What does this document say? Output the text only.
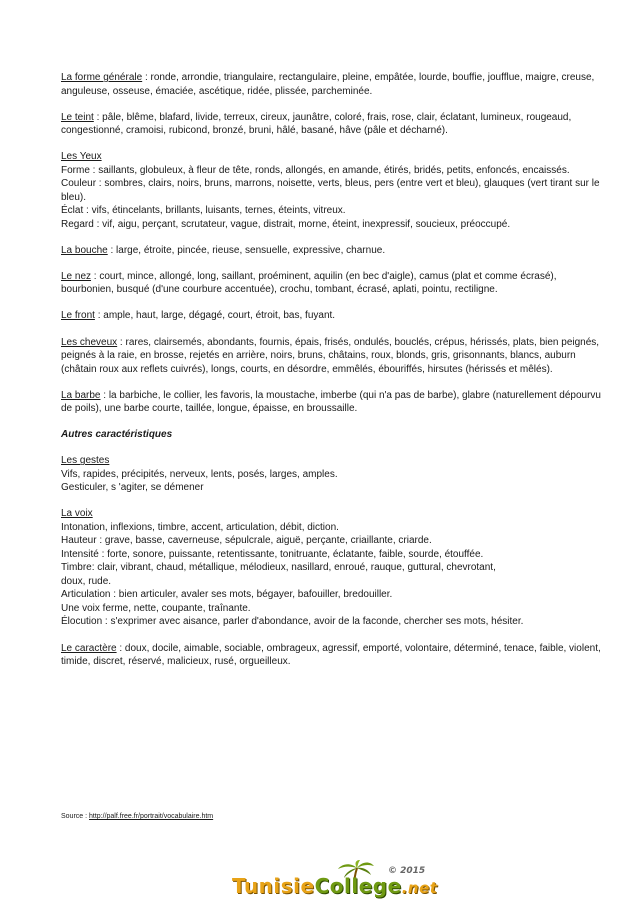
La forme générale : ronde, arrondie, triangulaire, rectangulaire, pleine, empâtée, lourde, bouffie, joufflue, maigre, creuse, anguleuse, osseuse, émaciée, ascétique, ridée, plissée, parcheminée.
Le teint : pâle, blême, blafard, livide, terreux, cireux, jaunâtre, coloré, frais, rose, clair, éclatant, lumineux, rougeaud, congestionné, cramoisi, rubicond, bronzé, bruni, hâlé, basané, hâve (pâle et décharné).

Les Yeux

Forme : saillants, globuleux, à fleur de tête, ronds, allongés, en amande, étirés, bridés, petits, enfoncés, encaissés.

Couleur : sombres, clairs, noirs, bruns, marrons, noisette, verts, bleus, pers (entre vert et bleu), glauques (vert tirant sur le bleu).

Éclat : vifs, étincelants, brillants, luisants, ternes, éteints, vitreux.

Regard : vif, aigu, perçant, scrutateur, vague, distrait, morne, éteint, inexpressif, soucieux, préoccupé.

La bouche : large, étroite, pincée, rieuse, sensuelle, expressive, charnue.
Le nez : court, mince, allongé, long, saillant, proéminent, aquilin (en bec d'aigle), camus (plat et comme écrasé), bourbonien, busqué (d'une courbure accentuée), crochu, tombant, écrasé, aplati, pointu, rectiligne.
Le front : ample, haut, large, dégagé, court, étroit, bas, fuyant.
Les cheveux : rares, clairsemés, abondants, fournis, épais, frisés, ondulés, bouclés, crépus, hérissés, plats, bien peignés, peignés à la raie, en brosse, rejetés en arrière, noirs, bruns, châtains, roux, blonds, gris, grisonnants, blancs, auburn (châtain roux aux reflets cuivrés), longs, courts, en désordre, emmêlés, ébouriffés, hirsutes (hérissés et mêlés).
La barbe : la barbiche, le collier, les favoris, la moustache, imberbe (qui n'a pas de barbe), glabre (naturellement dépourvu de poils), une barbe courte, taillée, longue, épaisse, en broussaille.
Autres caractéristiques

Les gestes

Vifs, rapides, précipités, nerveux, lents, posés, larges, amples.

Gesticuler, s 'agiter, se démener

La voix

Intonation, inflexions, timbre, accent, articulation, débit, diction.

Hauteur : grave, basse, caverneuse, sépulcrale, aiguë, perçante, criaillante, criarde.

Intensité : forte, sonore, puissante, retentissante, tonitruante, éclatante, faible, sourde, étouffée.

Timbre: clair, vibrant, chaud, métallique, mélodieux, nasillard, enroué, rauque, guttural, chevrotant,

doux, rude.

Articulation : bien articuler, avaler ses mots, bégayer, bafouiller, bredouiller.

Une voix ferme, nette, coupante, traînante.

Élocution : s'exprimer avec aisance, parler d'abondance, avoir de la faconde, chercher ses mots, hésiter.

Le caractère : doux, docile, aimable, sociable, ombrageux, agressif, emporté, volontaire, déterminé, tenace, faible, violent, timide, discret, réservé, malicieux, rusé, orgueilleux.
Source : http://palf.free.fr/portrait/vocabulaire.htm
© 2015
TunisieCollege.net
